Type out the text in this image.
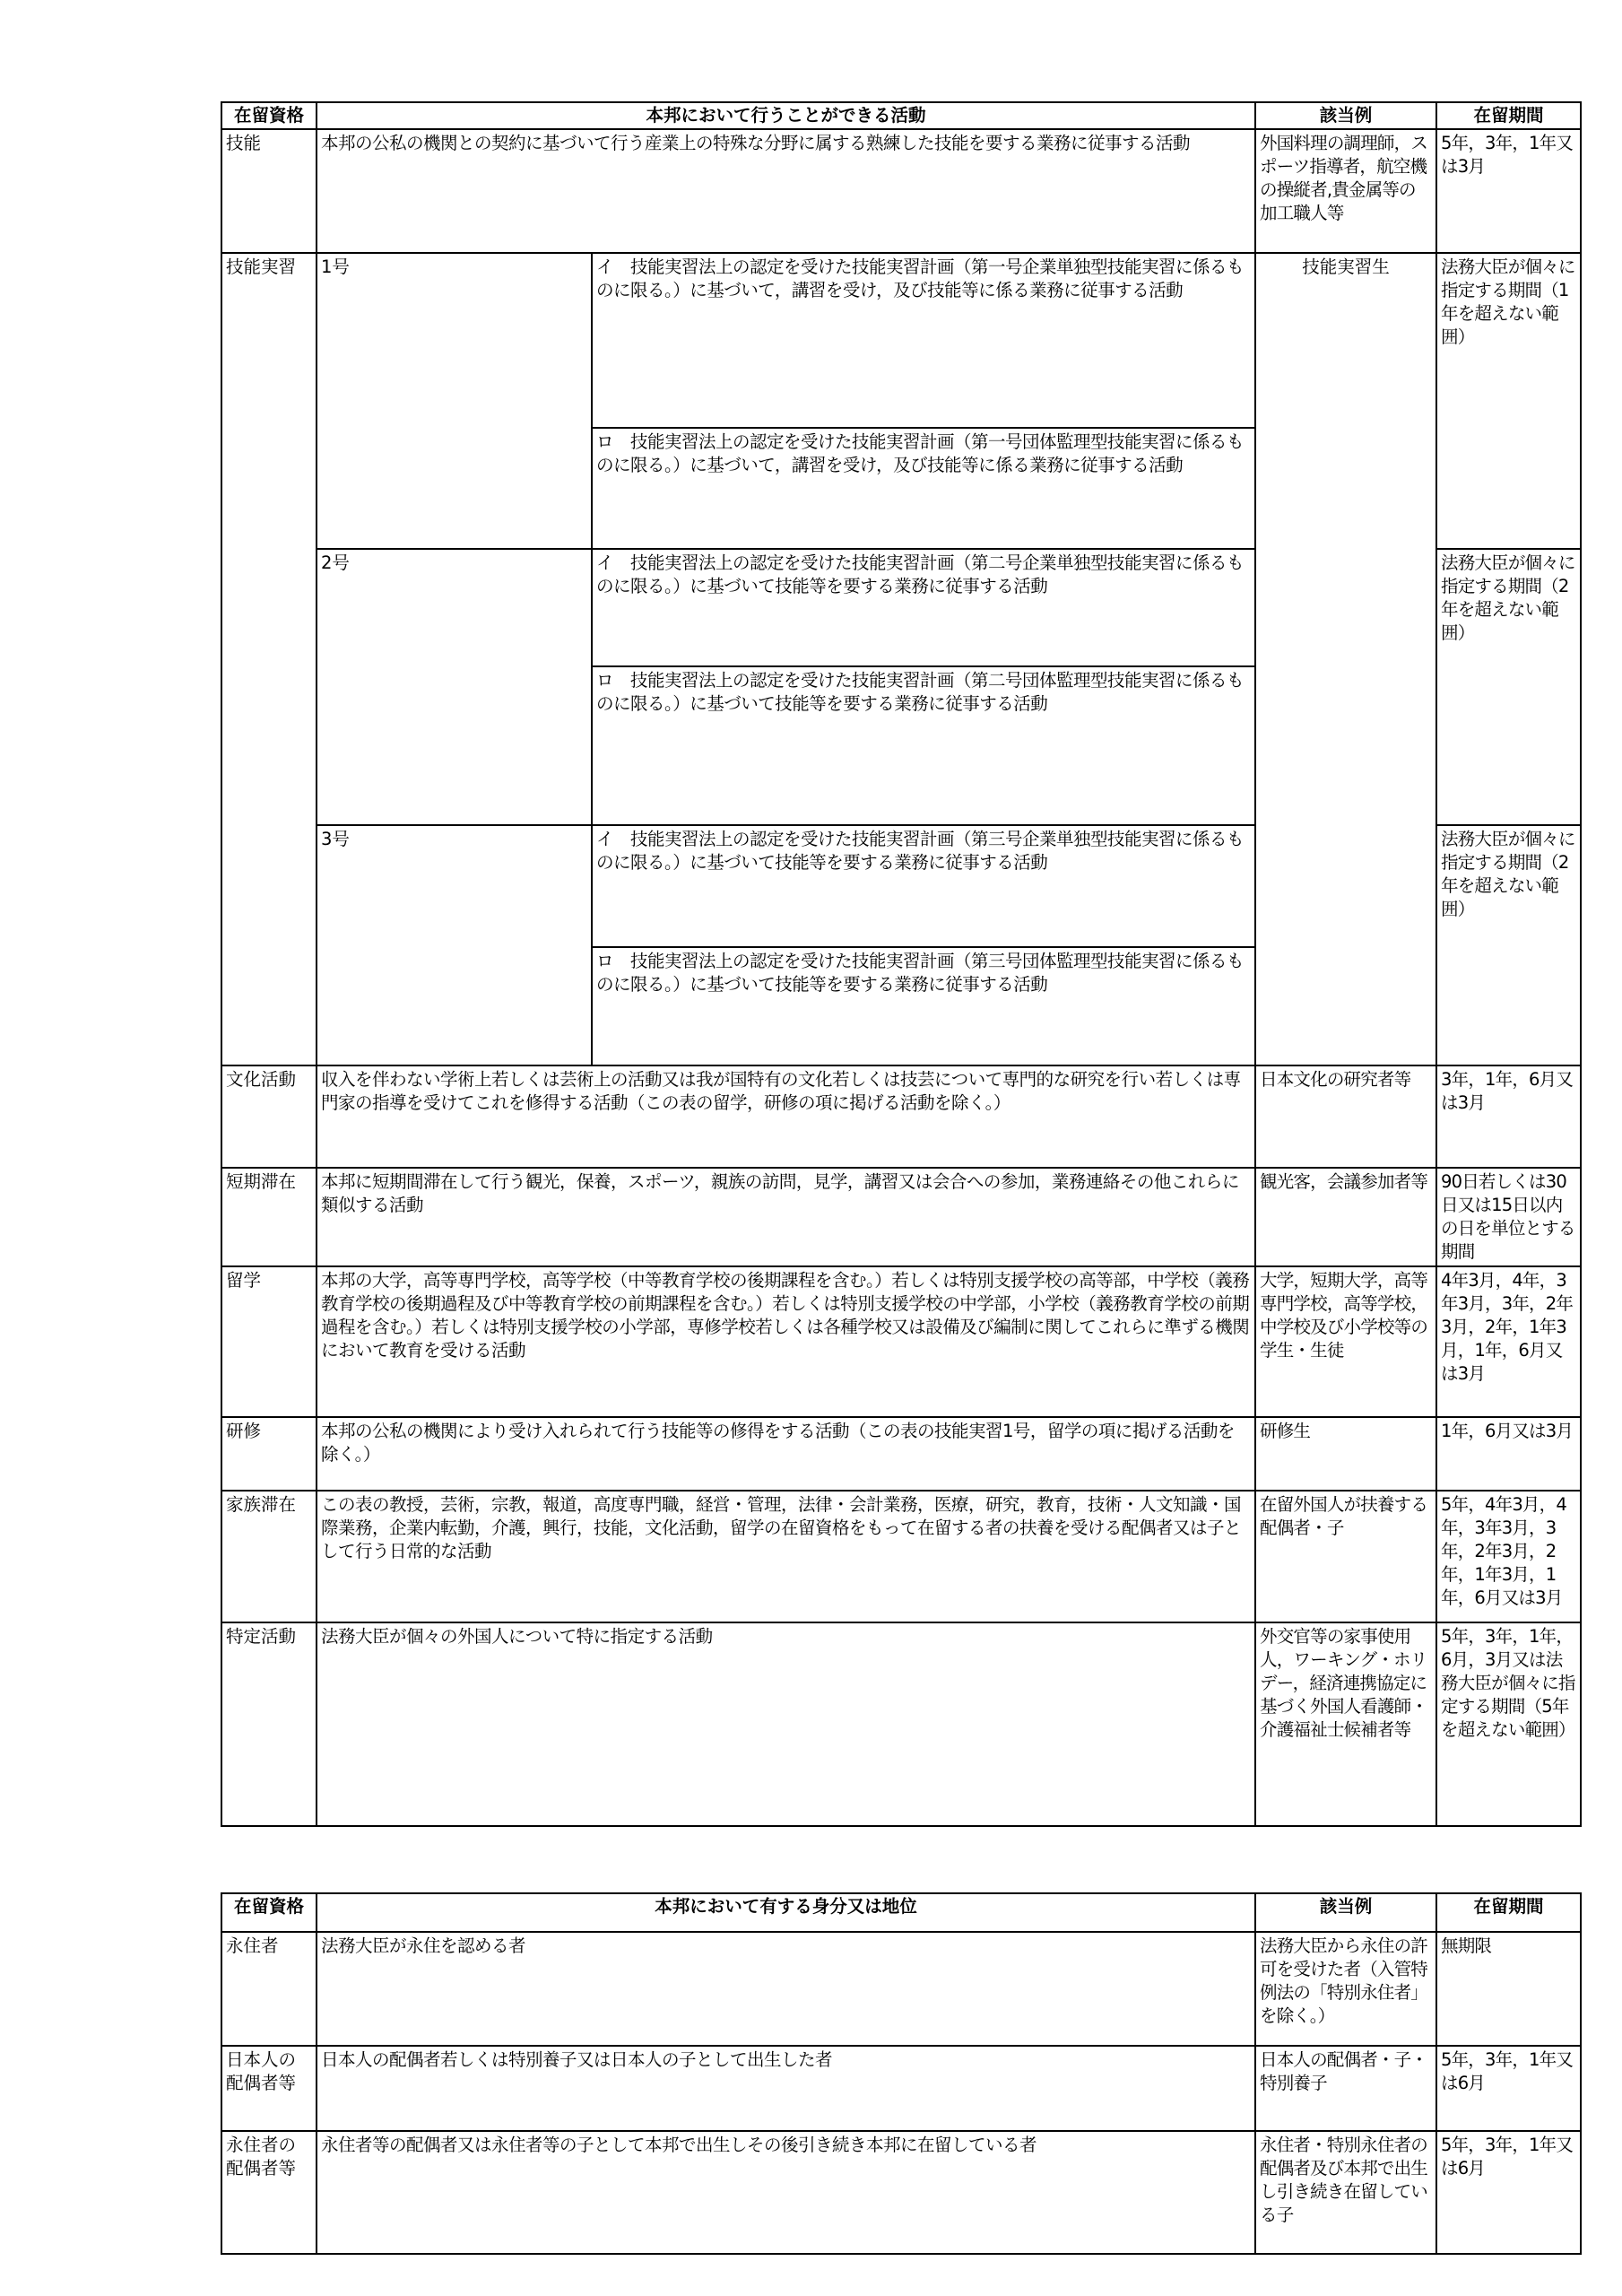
在留資格	本邦において行うことができる活動		該当例	在留期間
技能	本邦の公私の機関との契約に基づいて行う産業上の特殊な分野に属する熟練した技能を要する業務に従事する活動		外国料理の調理師，スポーツ指導者，航空機の操縦者,貴金属等の加工職人等	5年，3年，1年又は3月
技能実習	1号	イ　技能実習法上の認定を受けた技能実習計画（第一号企業単独型技能実習に係るものに限る。）に基づいて，講習を受け，及び技能等に係る業務に従事する活動	技能実習生	法務大臣が個々に指定する期間（1年を超えない範囲）
		ロ　技能実習法上の認定を受けた技能実習計画（第一号団体監理型技能実習に係るものに限る。）に基づいて，講習を受け，及び技能等に係る業務に従事する活動		
	2号	イ　技能実習法上の認定を受けた技能実習計画（第二号企業単独型技能実習に係るものに限る。）に基づいて技能等を要する業務に従事する活動		法務大臣が個々に指定する期間（2年を超えない範囲）
		ロ　技能実習法上の認定を受けた技能実習計画（第二号団体監理型技能実習に係るものに限る。）に基づいて技能等を要する業務に従事する活動		
	3号	イ　技能実習法上の認定を受けた技能実習計画（第三号企業単独型技能実習に係るものに限る。）に基づいて技能等を要する業務に従事する活動		法務大臣が個々に指定する期間（2年を超えない範囲）
		ロ　技能実習法上の認定を受けた技能実習計画（第三号団体監理型技能実習に係るものに限る。）に基づいて技能等を要する業務に従事する活動		
文化活動	収入を伴わない学術上若しくは芸術上の活動又は我が国特有の文化若しくは技芸について専門的な研究を行い若しくは専門家の指導を受けてこれを修得する活動（この表の留学，研修の項に掲げる活動を除く。）		日本文化の研究者等	3年，1年，6月又は3月
短期滞在	本邦に短期間滞在して行う観光，保養，スポーツ，親族の訪問，見学，講習又は会合への参加，業務連絡その他これらに類似する活動		観光客，会議参加者等	90日若しくは30日又は15日以内の日を単位とする期間
留学	本邦の大学，高等専門学校，高等学校（中等教育学校の後期課程を含む。）若しくは特別支援学校の高等部，中学校（義務教育学校の後期過程及び中等教育学校の前期課程を含む。）若しくは特別支援学校の中学部，小学校（義務教育学校の前期過程を含む。）若しくは特別支援学校の小学部，専修学校若しくは各種学校又は設備及び編制に関してこれらに準ずる機関において教育を受ける活動		大学，短期大学，高等専門学校，高等学校，中学校及び小学校等の学生・生徒	4年3月，4年，3年3月，3年，2年3月，2年，1年3月，1年，6月又は3月
研修	本邦の公私の機関により受け入れられて行う技能等の修得をする活動（この表の技能実習1号，留学の項に掲げる活動を除く。）		研修生	1年，6月又は3月
家族滞在	この表の教授，芸術，宗教，報道，高度専門職，経営・管理，法律・会計業務，医療，研究，教育，技術・人文知識・国際業務，企業内転勤，介護，興行，技能，文化活動，留学の在留資格をもって在留する者の扶養を受ける配偶者又は子として行う日常的な活動		在留外国人が扶養する配偶者・子	5年，4年3月，4年，3年3月，3年，2年3月，2年，1年3月，1年，6月又は3月
特定活動	法務大臣が個々の外国人について特に指定する活動		外交官等の家事使用人，ワーキング・ホリデー，経済連携協定に基づく外国人看護師・介護福祉士候補者等	5年，3年，1年，6月，3月又は法務大臣が個々に指定する期間（5年を超えない範囲）
在留資格	本邦において有する身分又は地位	該当例	在留期間
永住者	法務大臣が永住を認める者	法務大臣から永住の許可を受けた者（入管特例法の「特別永住者」を除く。）	無期限
日本人の配偶者等	日本人の配偶者若しくは特別養子又は日本人の子として出生した者	日本人の配偶者・子・特別養子	5年，3年，1年又は6月
永住者の配偶者等	永住者等の配偶者又は永住者等の子として本邦で出生しその後引き続き本邦に在留している者	永住者・特別永住者の配偶者及び本邦で出生し引き続き在留している子	5年，3年，1年又は6月
